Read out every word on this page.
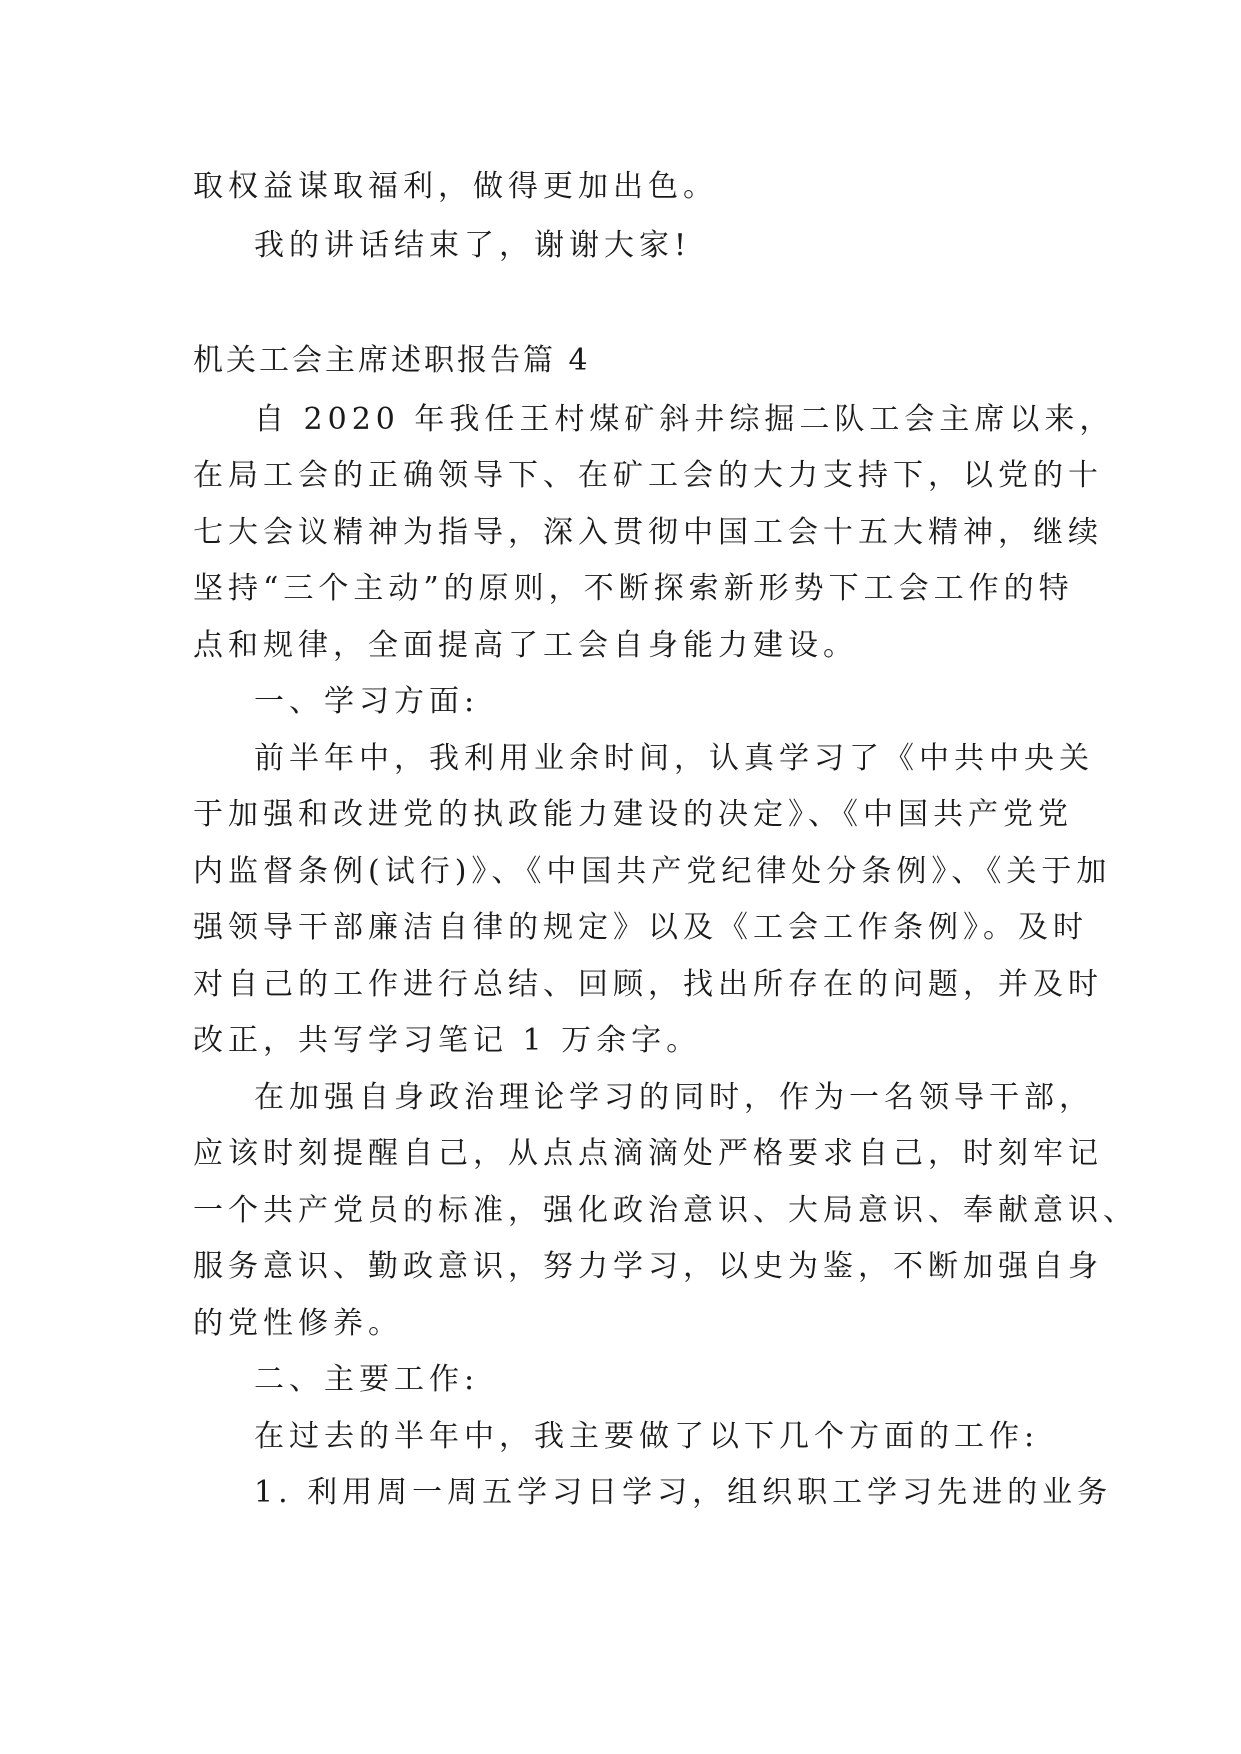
取权益谋取福利，做得更加出色。
我的讲话结束了，谢谢大家!
机关工会主席述职报告篇 4
自 2020 年我任王村煤矿斜井综掘二队工会主席以来，
在局工会的正确领导下、在矿工会的大力支持下，以党的十
七大会议精神为指导，深入贯彻中国工会十五大精神，继续
坚持“三个主动”的原则，不断探索新形势下工会工作的特
点和规律，全面提高了工会自身能力建设。
一、学习方面:
前半年中，我利用业余时间，认真学习了《中共中央关
于加强和改进党的执政能力建设的决定》、《中国共产党党
内监督条例(试行)》、《中国共产党纪律处分条例》、《关于加
强领导干部廉洁自律的规定》以及《工会工作条例》。及时
对自己的工作进行总结、回顾，找出所存在的问题，并及时
改正，共写学习笔记 1 万余字。
在加强自身政治理论学习的同时，作为一名领导干部，
应该时刻提醒自己，从点点滴滴处严格要求自己，时刻牢记
一个共产党员的标准，强化政治意识、大局意识、奉献意识、
服务意识、勤政意识，努力学习，以史为鉴，不断加强自身
的党性修养。
二、主要工作:
在过去的半年中，我主要做了以下几个方面的工作:
1. 利用周一周五学习日学习，组织职工学习先进的业务
